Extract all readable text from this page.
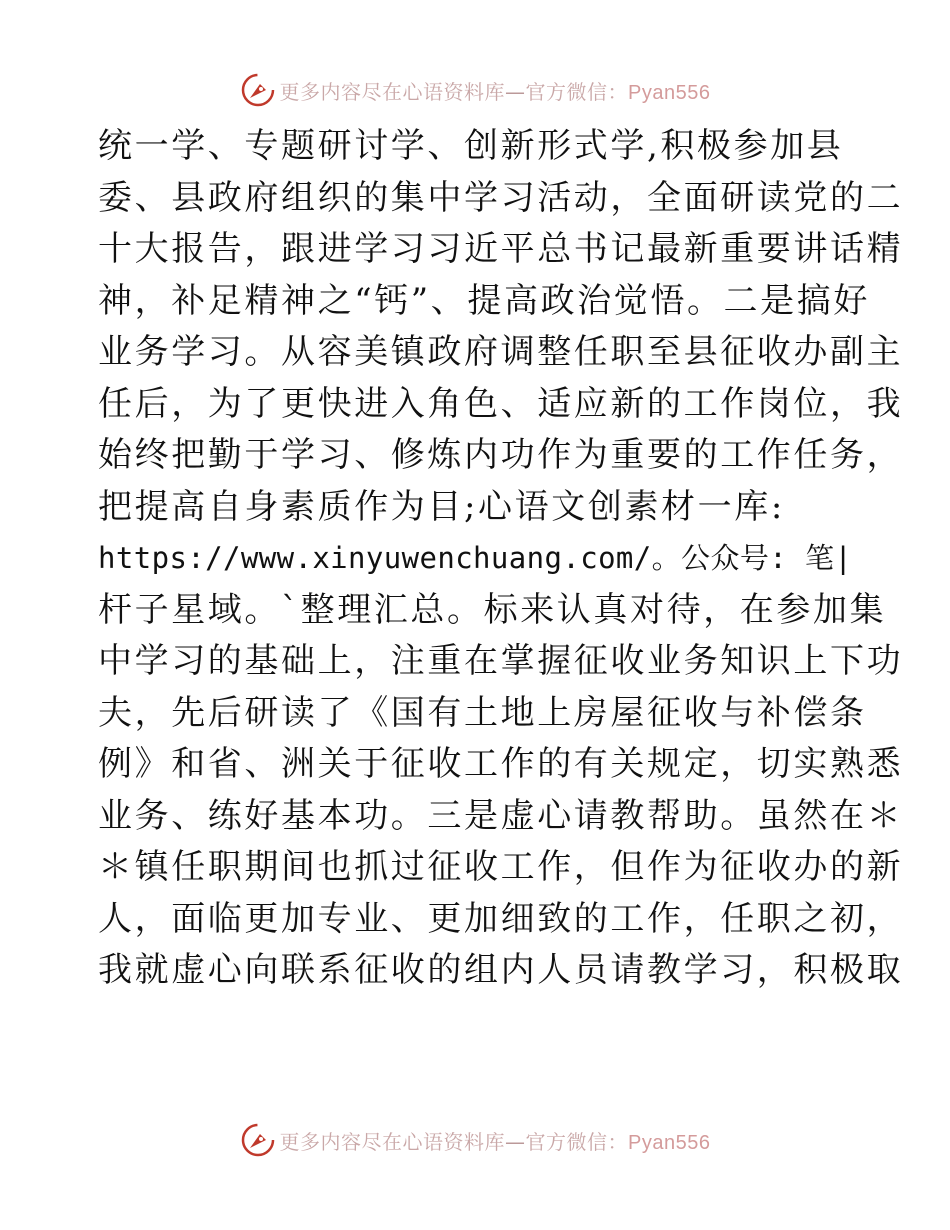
更多内容尽在心语资料库—官方微信：Pyan556
统一学、专题研讨学、创新形式学,积极参加县
委、县政府组织的集中学习活动，全面研读党的二
十大报告，跟进学习习近平总书记最新重要讲话精
神，补足精神之“钙”、提高政治觉悟。二是搞好
业务学习。从容美镇政府调整任职至县征收办副主
任后，为了更快进入角色、适应新的工作岗位，我
始终把勤于学习、修炼内功作为重要的工作任务，
把提高自身素质作为目;心语文创素材一库:
https://www.xinyuwenchuang.com/。公众号: 笔|
杆子星域。`整理汇总。标来认真对待，在参加集
中学习的基础上，注重在掌握征收业务知识上下功
夫，先后研读了《国有土地上房屋征收与补偿条
例》和省、洲关于征收工作的有关规定，切实熟悉
业务、练好基本功。三是虚心请教帮助。虽然在＊
＊镇任职期间也抓过征收工作，但作为征收办的新
人，面临更加专业、更加细致的工作，任职之初，
我就虚心向联系征收的组内人员请教学习，积极取
更多内容尽在心语资料库—官方微信：Pyan556
